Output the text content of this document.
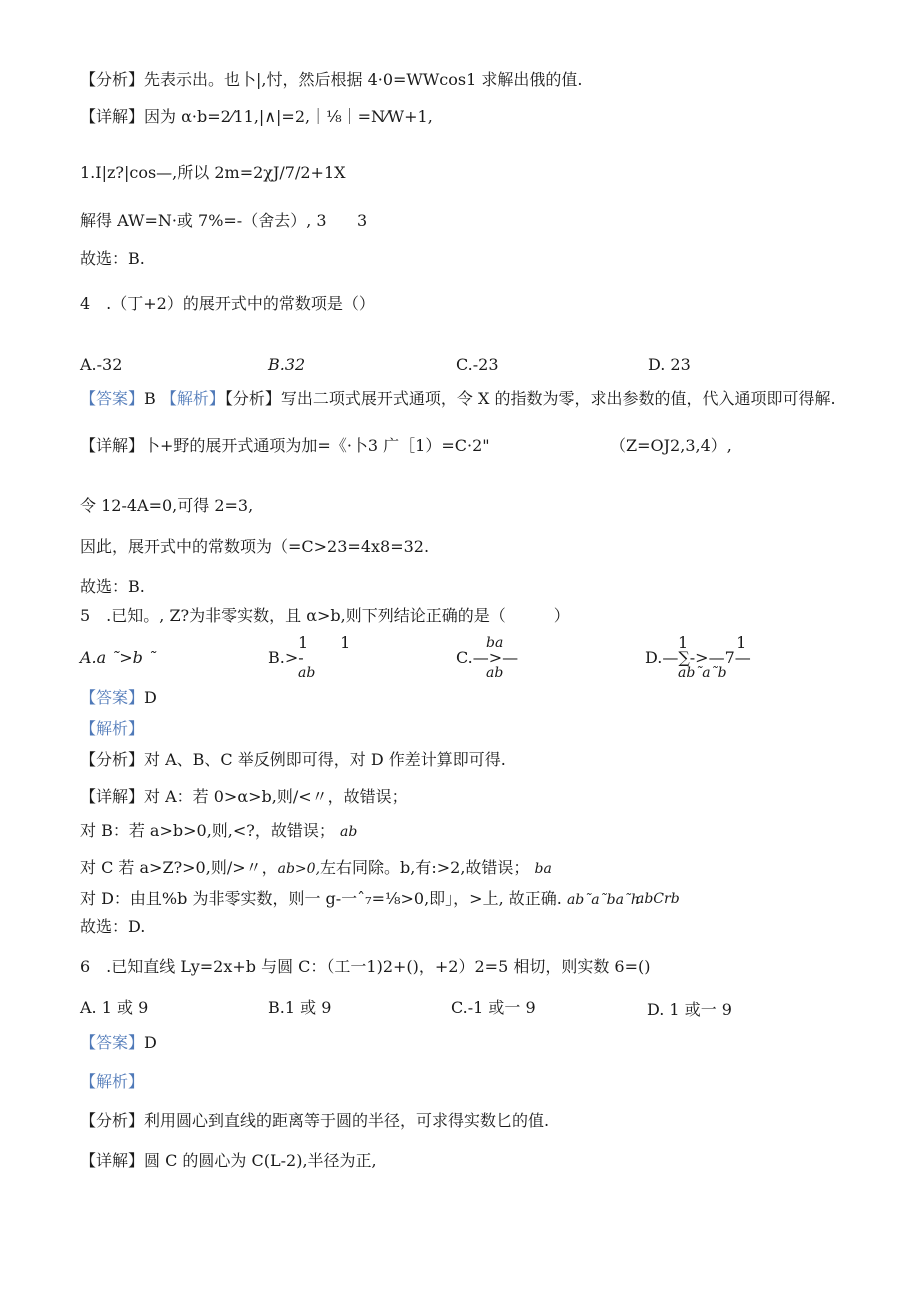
【分析】先表示出。也卜|,忖，然后根据 4·0=WWcos1 求解出俄的值.
【详解】因为 α·b=2⁄11,|∧|=2,｜⅛｜=N⁄W+1,
1.I|z?|cos—,所以 2m=2χJ/7/2+1X
解得 AW=N·或 7%=-（舍去）, 3 3
故选：B.
4　.（丁+2）的展开式中的常数项是（）
A.-32	B.32	C.-23	D. 23
【答案】B 【解析】【分析】写出二项式展开式通项，令 X 的指数为零，求出参数的值，代入通项即可得解.
【详解】卜+野的展开式通项为加=《·卜3 广［1）=C·2"	（Z=OJ2,3,4）,
令 12-4A=0,可得 2=3,
因此，展开式中的常数项为（=C>23=4x8=32.
故选：B.
5　.已知。, Z?为非零实数，且 α>b,则下列结论正确的是（　　　）
A.a ˜>b ˜
1　　1
B.>-
ab
ba
C.—>—
ab
1　　　1
D.—∑->—7—
ab˜a˜b
【答案】D
【解析】
【分析】对 A、B、C 举反例即可得，对 D 作差计算即可得.
【详解】对 A：若 0>α>b,则/<〃，故错误；
对 B：若 a>b>0,则,<?，故错误； ab
对 C 若 a>Z?>0,则/>〃，ab>0,左右同除。b,有:>2,故错误； ba
对 D：由且%b 为非零实数，则一 g-一ˆ₇=⅛>0,即」，>上, 故正确. ab˜a˜ba˜h
abCrb
故选：D.
6　.已知直线 Ly=2x+b 与圆 C：（工一1)2+()，+2）2=5 相切，则实数 6=()
A. 1 或 9	B.1 或 9	C.-1 或一 9	D. 1 或一 9
【答案】D
【解析】
【分析】利用圆心到直线的距离等于圆的半径，可求得实数匕的值.
【详解】圆 C 的圆心为 C(L-2),半径为正,
